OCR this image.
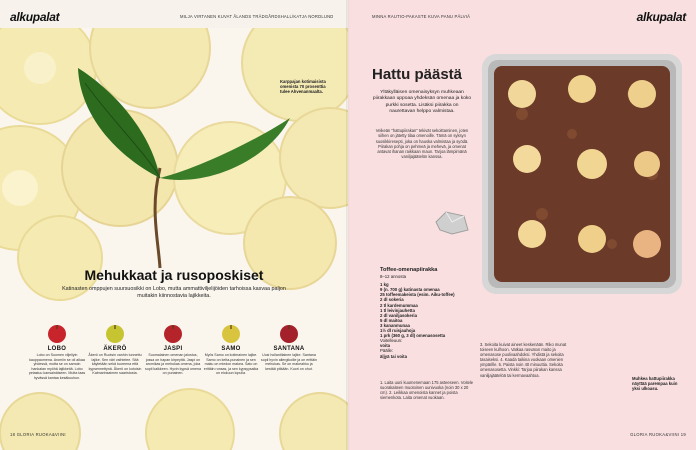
Karppajan kotimaisista omenista 70 prosenttia tulee Ahvenanmaalta.
alkupalat	MILJA VIRTANEN KUVAT ÅLANDS TRÄDGÅRDSHALL/KATJA NORDLUND	MINNA RAUTIO-PAKASTE KUVA PANU PÄLVIÄ	alkupalat
Mehukkaat ja rusoposkiset
Katinasten omppujen suursuosikki on Lobo, mutta ammattiviljelijöiden tarhoissa kasvaa paljon muitakin kiinnostavia lajikkeita.
LOBO
Lobo on Suomen viljellyin kauppaomena. Aromiin se oli aikaa yhdessä, mutta se on samoin hankalan myöhä lajikkeitä. Lobo pelastuu kansainäiseen. Mutta taas hyvässä kantaa kesäkuuhun.
ÄKERÖ
Åkerö on Ruotsin vanhin tunnettu lajike. Sen väri vaihtelee. Sitä käytetään sekä tuoreena että kypsennettynä. Åkerö on kotoisin Kalmarinsalmen saaristosta.
JASPI
Suomalainen omenan jalostus, jossa on hapan kirpeyttä. Jaspi on aromikas ja mehukas omena, joka sopii kaikkeen. Hyvin kypsä omena on punainen.
SAMO
Myös Samo on kotimainen lajike. Samo on kelta-punainen ja sen maku on miedon makea. Sato on erittäin runsas, ja sen kypsyysaika on elokuun lopulla.
SANTANA
Uusi hollantilainen lajike. Santana sopii hyvin allergikoille ja on erittäin mehukas. Se on makeahko ja kestää pitkään. Kuori on ohut.
18 GLORIA RUOKA&VIINI
Hattu päästä
Yltäkylläisen omenaisyksyn muhkeaan piirakkaan uppoaa yhdeksän omenaa ja koko purkki sosetta. Lisäksi piirakka on naurettavan helppo valmistaa.
Veikeän "hattupiirakan" tekivät sekoittaminen, joten siihen on jätetty tilaa omenoille. Tämä on syksyn suosikkiresepti, joka on hauska valmistaa ja syödä. Piirakan pohja on pehmeä ja mehevä, ja omenat antavat ihanan raikkaan maun. Tarjoa lämpimänä vaniljajäätelön kanssa.
Toffee-omenapiirakka
8–12 annosta
1 kg
9 (n. 700 g) katinasta omenaa
25 toffeemakeista (esim. Aiku-toffee)
2 dl sokeria
2 tl kardemummaa
1 tl leivinjauhetta
2 dl vaniljasokeria
5 dl maitoa
3 kananmunaa
1½ dl ruisjauhoja
1 prk (360 g, 3 dl) omenasosetta
Voitelleuun:
voita
Päälle:
äljyä tai voita
1. Laita uuni kuumenemaan 175 asteeseen. Voitele suorakaiteen muotoinen uunivuoka (noin 30 x 20 cm). 2. Leikkaa omenoista kannet ja poista siemenkota. Laita omenat vuokaan.
3. Sekoita kuivat aineet keskenään. Riko munat toiseen kulhoon. Vatkaa rasvaton maito ja omenasose puolivaahdoksi. Yhdistä ja sekoita tasaiseksi. 4. Kaada taikina vuokaan omenien ympärille. 5. Paista noin 40 minuuttia. Sekoita omenasosetta. Vinkki: Tarjoa piirakan kanssa vaniljajäätelöä tai kermavaahtoa.
Muhkea hattupiirakka näyttää parempaa kuin yksi ulkoasu.
GLORIA RUOKA&VIINI 19
